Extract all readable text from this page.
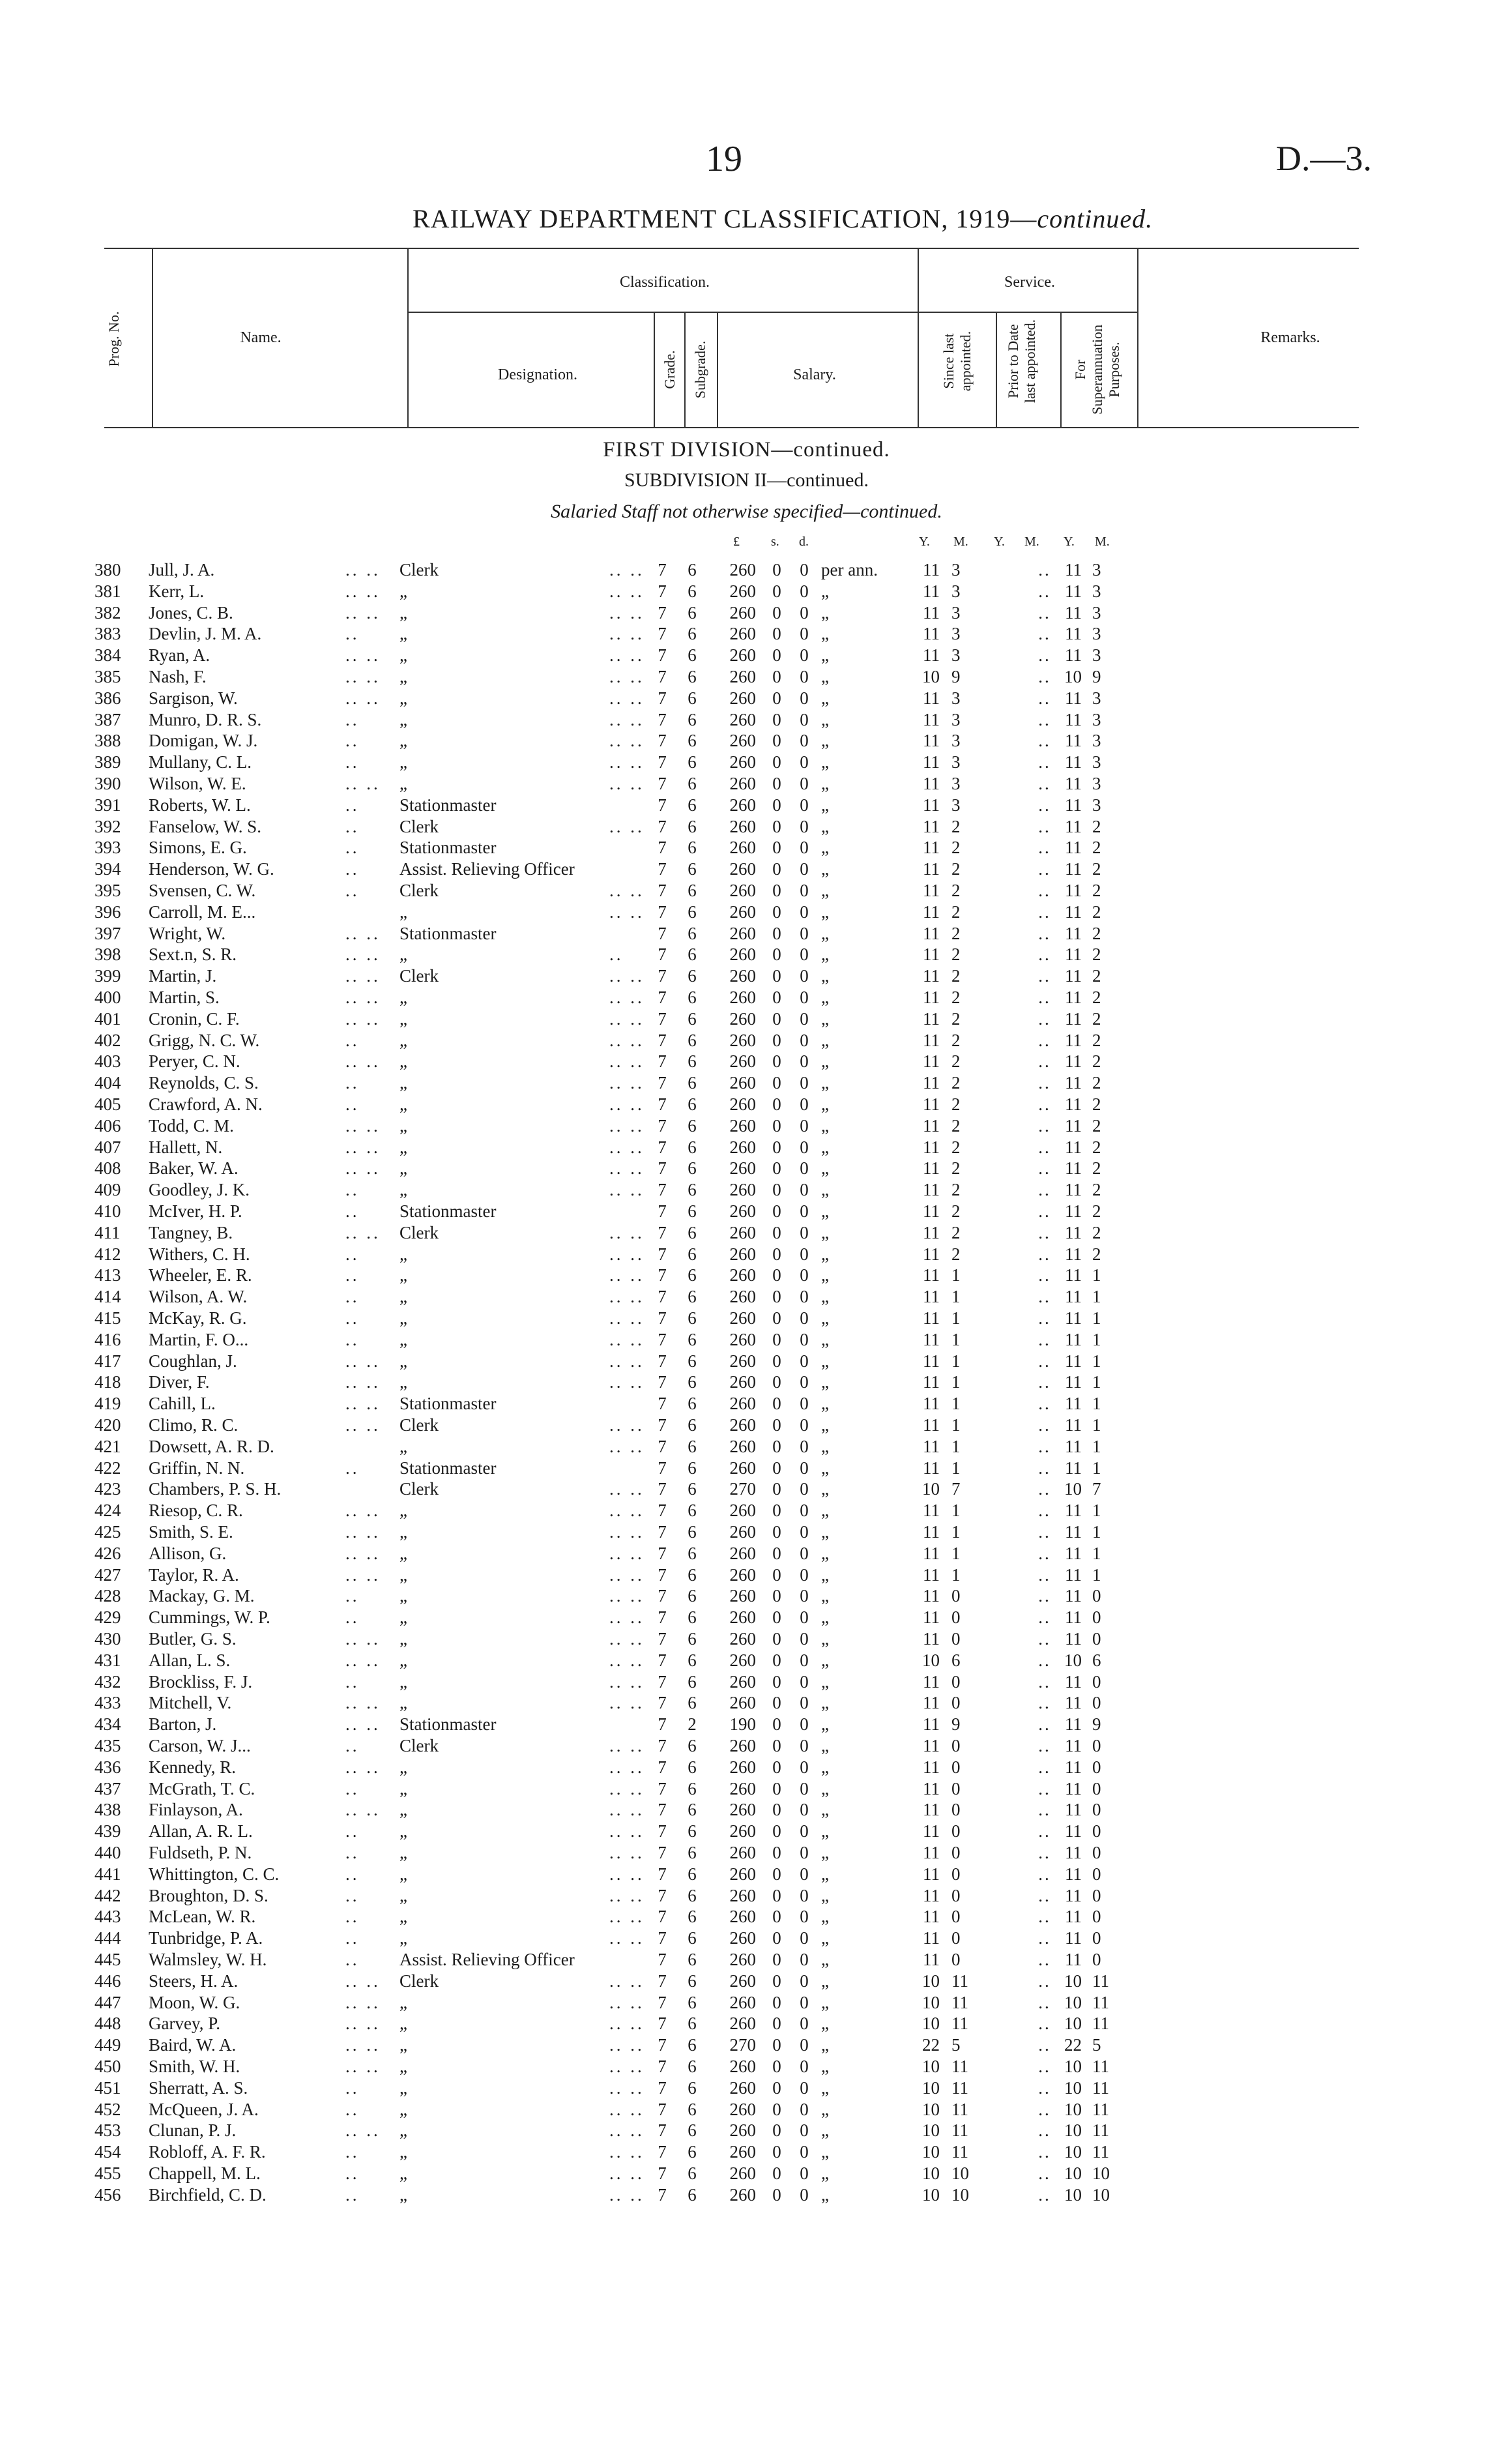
19	D.—3.
RAILWAY DEPARTMENT CLASSIFICATION, 1919—continued.
Prog. No.	Name.
Classification.
Designation.	Grade. Subgrade.	Salary.
Service.
Since last appointed. Prior to Date last appointed. For Superannuation Purposes.
Remarks.
FIRST DIVISION—continued.
SUBDIVISION II—continued.
Salaried Staff not otherwise specified—continued.
£ s. d.	Y. M. Y. M. Y. M.
380 Jull, J. A.	.. .. Clerk	.. .. 7 6	260 0 0 per ann.	11 3	.. 11 3
381 Kerr, L.	.. .. „	.. .. 7 6	260 0 0 „	11 3	.. 11 3
382 Jones, C. B.	.. .. „	.. .. 7 6	260 0 0 „	11 3	.. 11 3
383 Devlin, J. M. A.	.. „	.. .. 7 6	260 0 0 „	11 3	.. 11 3
384 Ryan, A.	.. .. „	.. .. 7 6	260 0 0 „	11 3	.. 11 3
385 Nash, F.	.. .. „	.. .. 7 6	260 0 0 „	10 9	.. 10 9
386 Sargison, W.	.. .. „	.. .. 7 6	260 0 0 „	11 3	.. 11 3
387 Munro, D. R. S.	.. „	.. .. 7 6	260 0 0 „	11 3	.. 11 3
388 Domigan, W. J.	.. „	.. .. 7 6	260 0 0 „	11 3	.. 11 3
389 Mullany, C. L.	.. „	.. .. 7 6	260 0 0 „	11 3	.. 11 3
390 Wilson, W. E.	.. .. „	.. .. 7 6	260 0 0 „	11 3	.. 11 3
391 Roberts, W. L.	.. Stationmaster	7 6	260 0 0 „	11 3	.. 11 3
392 Fanselow, W. S.	.. Clerk	.. .. 7 6	260 0 0 „	11 2	.. 11 2
393 Simons, E. G.	.. Stationmaster	7 6	260 0 0 „	11 2	.. 11 2
394 Henderson, W. G.	.. Assist. Relieving Officer	7 6	260 0 0 „	11 2	.. 11 2
395 Svensen, C. W.	.. Clerk	.. .. 7 6	260 0 0 „	11 2	.. 11 2
396 Carroll, M. E...	„	.. .. 7 6	260 0 0 „	11 2	.. 11 2
397 Wright, W.	.. .. Stationmaster	7 6	260 0 0 „	11 2	.. 11 2
398 Sext.n, S. R.	.. .. „	.. 7 6	260 0 0 „	11 2	.. 11 2
399 Martin, J.	.. .. Clerk	.. .. 7 6	260 0 0 „	11 2	.. 11 2
400 Martin, S.	.. .. „	.. .. 7 6	260 0 0 „	11 2	.. 11 2
401 Cronin, C. F.	.. .. „	.. .. 7 6	260 0 0 „	11 2	.. 11 2
402 Grigg, N. C. W.	.. „	.. .. 7 6	260 0 0 „	11 2	.. 11 2
403 Peryer, C. N.	.. .. „	.. .. 7 6	260 0 0 „	11 2	.. 11 2
404 Reynolds, C. S.	.. „	.. .. 7 6	260 0 0 „	11 2	.. 11 2
405 Crawford, A. N.	.. „	.. .. 7 6	260 0 0 „	11 2	.. 11 2
406 Todd, C. M.	.. .. „	.. .. 7 6	260 0 0 „	11 2	.. 11 2
407 Hallett, N.	.. .. „	.. .. 7 6	260 0 0 „	11 2	.. 11 2
408 Baker, W. A.	.. .. „	.. .. 7 6	260 0 0 „	11 2	.. 11 2
409 Goodley, J. K.	.. „	.. .. 7 6	260 0 0 „	11 2	.. 11 2
410 McIver, H. P.	.. Stationmaster	7 6	260 0 0 „	11 2	.. 11 2
411 Tangney, B.	.. .. Clerk	.. .. 7 6	260 0 0 „	11 2	.. 11 2
412 Withers, C. H.	.. „	.. .. 7 6	260 0 0 „	11 2	.. 11 2
413 Wheeler, E. R.	.. „	.. .. 7 6	260 0 0 „	11 1	.. 11 1
414 Wilson, A. W.	.. „	.. .. 7 6	260 0 0 „	11 1	.. 11 1
415 McKay, R. G.	.. „	.. .. 7 6	260 0 0 „	11 1	.. 11 1
416 Martin, F. O...	.. „	.. .. 7 6	260 0 0 „	11 1	.. 11 1
417 Coughlan, J.	.. .. „	.. .. 7 6	260 0 0 „	11 1	.. 11 1
418 Diver, F.	.. .. „	.. .. 7 6	260 0 0 „	11 1	.. 11 1
419 Cahill, L.	.. .. Stationmaster	7 6	260 0 0 „	11 1	.. 11 1
420 Climo, R. C.	.. .. Clerk	.. .. 7 6	260 0 0 „	11 1	.. 11 1
421 Dowsett, A. R. D.	„	.. .. 7 6	260 0 0 „	11 1	.. 11 1
422 Griffin, N. N.	.. Stationmaster	7 6	260 0 0 „	11 1	.. 11 1
423 Chambers, P. S. H.	Clerk	.. .. 7 6	270 0 0 „	10 7	.. 10 7
424 Riesop, C. R.	.. .. „	.. .. 7 6	260 0 0 „	11 1	.. 11 1
425 Smith, S. E.	.. .. „	.. .. 7 6	260 0 0 „	11 1	.. 11 1
426 Allison, G.	.. .. „	.. .. 7 6	260 0 0 „	11 1	.. 11 1
427 Taylor, R. A.	.. .. „	.. .. 7 6	260 0 0 „	11 1	.. 11 1
428 Mackay, G. M.	.. „	.. .. 7 6	260 0 0 „	11 0	.. 11 0
429 Cummings, W. P.	.. „	.. .. 7 6	260 0 0 „	11 0	.. 11 0
430 Butler, G. S.	.. .. „	.. .. 7 6	260 0 0 „	11 0	.. 11 0
431 Allan, L. S.	.. .. „	.. .. 7 6	260 0 0 „	10 6	.. 10 6
432 Brockliss, F. J.	.. „	.. .. 7 6	260 0 0 „	11 0	.. 11 0
433 Mitchell, V.	.. .. „	.. .. 7 6	260 0 0 „	11 0	.. 11 0
434 Barton, J.	.. .. Stationmaster	7 2	190 0 0 „	11 9	.. 11 9
435 Carson, W. J...	.. Clerk	.. .. 7 6	260 0 0 „	11 0	.. 11 0
436 Kennedy, R.	.. .. „	.. .. 7 6	260 0 0 „	11 0	.. 11 0
437 McGrath, T. C.	.. „	.. .. 7 6	260 0 0 „	11 0	.. 11 0
438 Finlayson, A.	.. .. „	.. .. 7 6	260 0 0 „	11 0	.. 11 0
439 Allan, A. R. L.	.. „	.. .. 7 6	260 0 0 „	11 0	.. 11 0
440 Fuldseth, P. N.	.. „	.. .. 7 6	260 0 0 „	11 0	.. 11 0
441 Whittington, C. C.	.. „	.. .. 7 6	260 0 0 „	11 0	.. 11 0
442 Broughton, D. S.	.. „	.. .. 7 6	260 0 0 „	11 0	.. 11 0
443 McLean, W. R.	.. „	.. .. 7 6	260 0 0 „	11 0	.. 11 0
444 Tunbridge, P. A.	.. „	.. .. 7 6	260 0 0 „	11 0	.. 11 0
445 Walmsley, W. H.	.. Assist. Relieving Officer	7 6	260 0 0 „	11 0	.. 11 0
446 Steers, H. A.	.. .. Clerk	.. .. 7 6	260 0 0 „	10 11	.. 10 11
447 Moon, W. G.	.. .. „	.. .. 7 6	260 0 0 „	10 11	.. 10 11
448 Garvey, P.	.. .. „	.. .. 7 6	260 0 0 „	10 11	.. 10 11
449 Baird, W. A.	.. .. „	.. .. 7 6	270 0 0 „	22 5	.. 22 5
450 Smith, W. H.	.. .. „	.. .. 7 6	260 0 0 „	10 11	.. 10 11
451 Sherratt, A. S.	.. „	.. .. 7 6	260 0 0 „	10 11	.. 10 11
452 McQueen, J. A.	.. „	.. .. 7 6	260 0 0 „	10 11	.. 10 11
453 Clunan, P. J.	.. .. „	.. .. 7 6	260 0 0 „	10 11	.. 10 11
454 Robloff, A. F. R.	.. „	.. .. 7 6	260 0 0 „	10 11	.. 10 11
455 Chappell, M. L.	.. „	.. .. 7 6	260 0 0 „	10 10	.. 10 10
456 Birchfield, C. D.	.. „	.. .. 7 6	260 0 0 „	10 10	.. 10 10
